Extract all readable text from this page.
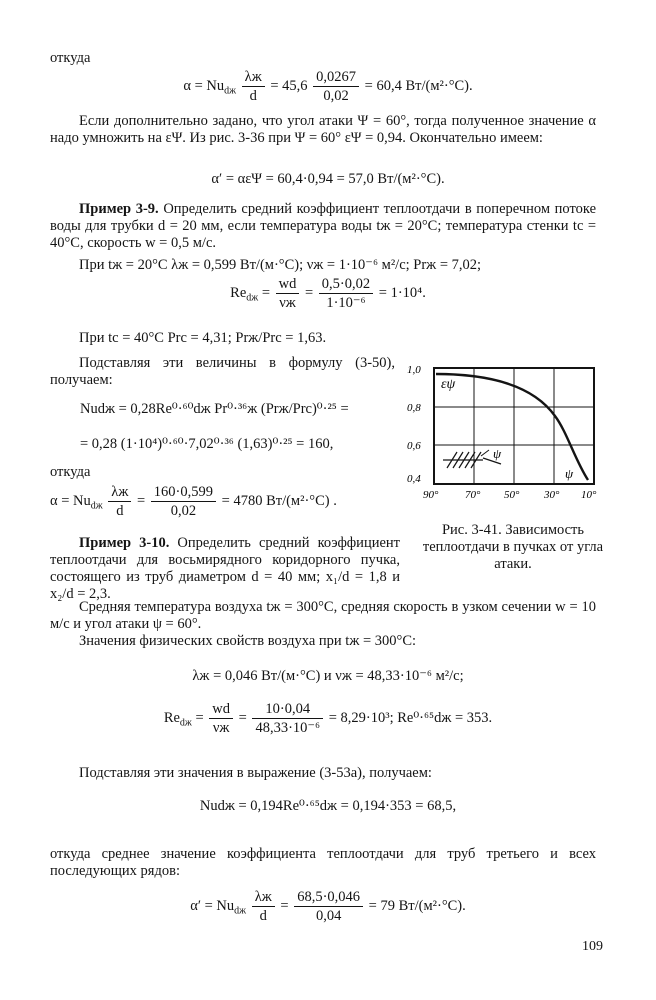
откуда
$\alpha = Nu_{dж} \frac{\lambda ж}{d} = 45,6 \frac{0,0267}{0,02} = 60,4$ Вт/(м²·°С).
Если дополнительно задано, что угол атаки Ψ = 60°, тогда полученное значение α надо умножить на εΨ. Из рис. 3-36 при Ψ = 60° εΨ = 0,94. Окончательно имеем:
α′ = αεΨ = 60,4·0,94 = 57,0 Вт/(м²·°С).
Пример 3-9. Определить средний коэффициент теплоотдачи в поперечном потоке воды для трубки d = 20 мм, если температура воды tж = 20°С; температура стенки tс = 40°С, скорость w = 0,5 м/с.
При tж = 20°С λж = 0,599 Вт/(м·°С); νж = 1·10⁻⁶ м²/с; Prж = 7,02;
$Re_{dж} = \frac{wd}{\nu ж} = \frac{0,5\cdot 0,02}{\text{1·10⁻⁶}} = 1\cdot 10^4$.
При tс = 40°С Prс = 4,31; Prж/Prс = 1,63.
Подставляя эти величины в формулу (3-50), получаем:
Nudж = 0,28Re⁰·⁶⁰dж Pr⁰·³⁶ж (Prж/Prс)⁰·²⁵ =
= 0,28 (1·10⁴)⁰·⁶⁰·7,02⁰·³⁶ (1,63)⁰·²⁵ = 160,
откуда
$\alpha = Nu_{dж} \frac{\lambda ж}{d} = \frac{160\cdot 0,599}{0,02} = 4780$ Вт/(м²·°С) .
Пример 3-10. Определить средний коэффициент теплоотдачи для восьмирядного коридорного пучка, состоящего из труб диаметром d = 40 мм; x₁/d = 1,8 и x₂/d = 2,3.
1,0
0,8
0,6
0,4
90° 70° 50° 30° 10°
εψ
ψ
ψ
Рис. 3-41. Зависимость теплоотдачи в пучках от угла атаки.
Средняя температура воздуха tж = 300°С, средняя скорость в узком сечении w = 10 м/с и угол атаки ψ = 60°.
Значения физических свойств воздуха при tж = 300°С:
λж = 0,046 Вт/(м·°С) и νж = 48,33·10⁻⁶ м²/с;
$Re_{dж} = \frac{wd}{\nu ж} = \frac{10\cdot 0,04}{\text{48,33·10⁻⁶}} = 8,29\cdot 10^3$; Re⁰·⁶⁵dж = 353.
Подставляя эти значения в выражение (3-53а), получаем:
Nudж = 0,194Re⁰·⁶⁵dж = 0,194·353 = 68,5,
откуда среднее значение коэффициента теплоотдачи для труб третьего и всех последующих рядов:
$\alpha' = Nu_{dж} \frac{\lambda ж}{d} = \frac{68,5\cdot 0,046}{0,04} = 79$ Вт/(м²·°С).
109
